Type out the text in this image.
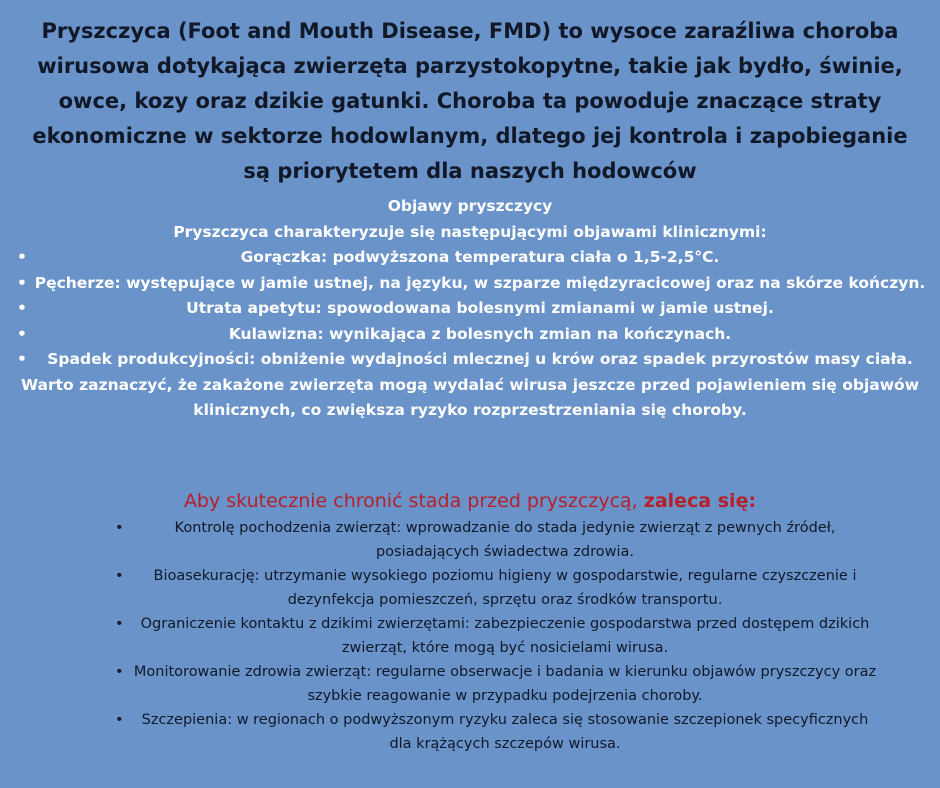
Pryszczyca (Foot and Mouth Disease, FMD) to wysoce zaraźliwa choroba wirusowa dotykająca zwierzęta parzystokopytne, takie jak bydło, świnie, owce, kozy oraz dzikie gatunki. Choroba ta powoduje znaczące straty ekonomiczne w sektorze hodowlanym, dlatego jej kontrola i zapobieganie są priorytetem dla naszych hodowców
Objawy pryszczycy
Pryszczyca charakteryzuje się następującymi objawami klinicznymi:
•	Gorączka: podwyższona temperatura ciała o 1,5-2,5°C.
• Pęcherze: występujące w jamie ustnej, na języku, w szparze międzyracicowej oraz na skórze kończyn.
•	Utrata apetytu: spowodowana bolesnymi zmianami w jamie ustnej.
•	Kulawizna: wynikająca z bolesnych zmian na kończynach.
• Spadek produkcyjności: obniżenie wydajności mlecznej u krów oraz spadek przyrostów masy ciała.
Warto zaznaczyć, że zakażone zwierzęta mogą wydalać wirusa jeszcze przed pojawieniem się objawów klinicznych, co zwiększa ryzyko rozprzestrzeniania się choroby.
Aby skutecznie chronić stada przed pryszczycą, zaleca się:
•	Kontrolę pochodzenia zwierząt: wprowadzanie do stada jedynie zwierząt z pewnych źródeł, posiadających świadectwa zdrowia.
• Bioasekurację: utrzymanie wysokiego poziomu higieny w gospodarstwie, regularne czyszczenie i dezynfekcja pomieszczeń, sprzętu oraz środków transportu.
• Ograniczenie kontaktu z dzikimi zwierzętami: zabezpieczenie gospodarstwa przed dostępem dzikich zwierząt, które mogą być nosicielami wirusa.
• Monitorowanie zdrowia zwierząt: regularne obserwacje i badania w kierunku objawów pryszczycy oraz szybkie reagowanie w przypadku podejrzenia choroby.
• Szczepienia: w regionach o podwyższonym ryzyku zaleca się stosowanie szczepionek specyficznych dla krążących szczepów wirusa.
